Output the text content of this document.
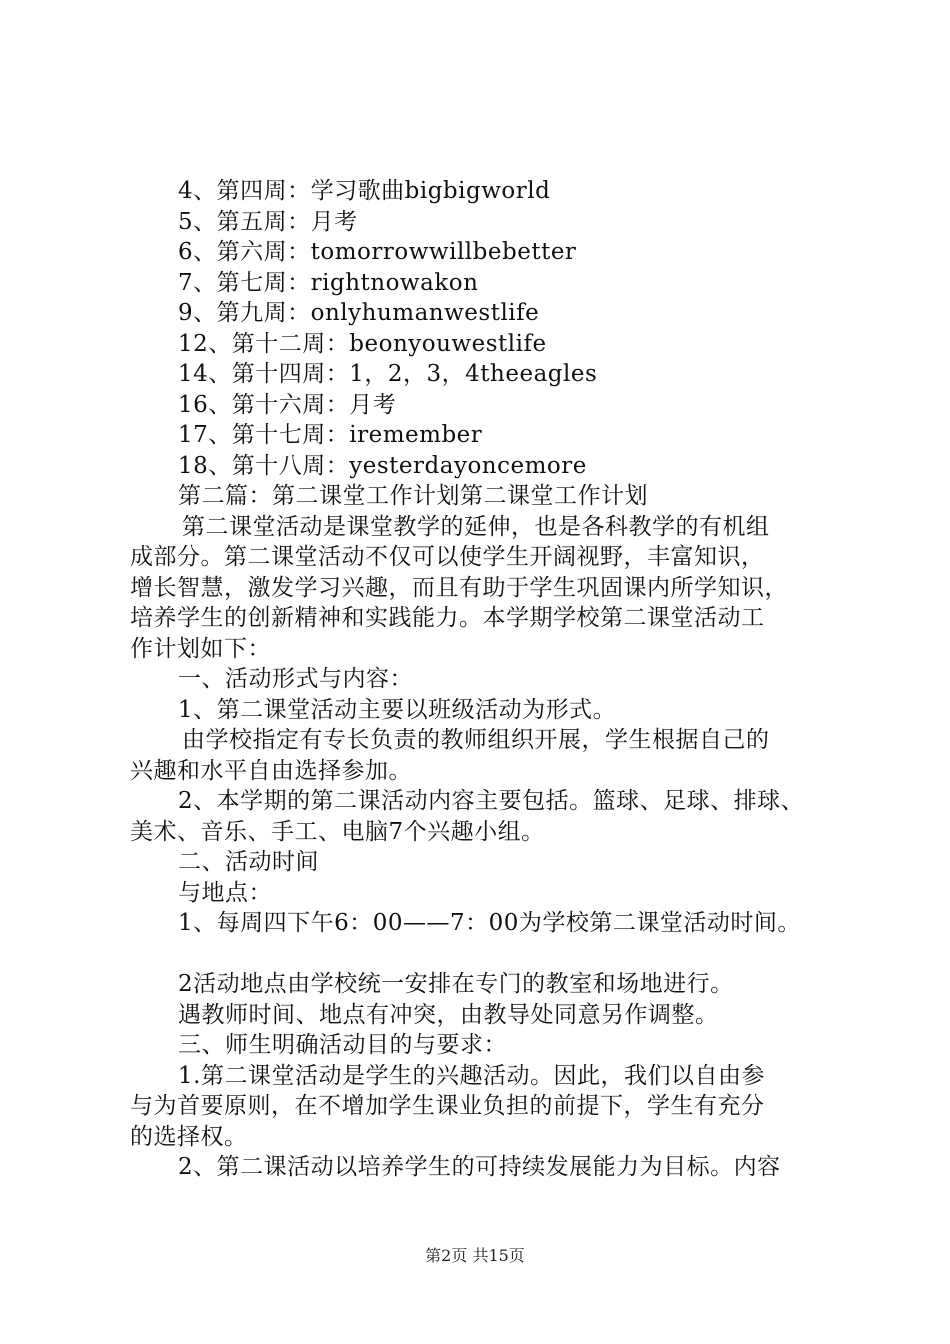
4、第四周：学习歌曲bigbigworld
5、第五周：月考
6、第六周：tomorrowwillbebetter
7、第七周：rightnowakon
9、第九周：onlyhumanwestlife
12、第十二周：beonyouwestlife
14、第十四周：1，2，3，4theeagles
16、第十六周：月考
17、第十七周：iremember
18、第十八周：yesterdayoncemore
第二篇：第二课堂工作计划第二课堂工作计划
第二课堂活动是课堂教学的延伸，也是各科教学的有机组
成部分。第二课堂活动不仅可以使学生开阔视野，丰富知识，
增长智慧，激发学习兴趣，而且有助于学生巩固课内所学知识，
培养学生的创新精神和实践能力。本学期学校第二课堂活动工
作计划如下：
一、活动形式与内容：
1、第二课堂活动主要以班级活动为形式。
由学校指定有专长负责的教师组织开展，学生根据自己的
兴趣和水平自由选择参加。
2、本学期的第二课活动内容主要包括。篮球、足球、排球、
美术、音乐、手工、电脑7个兴趣小组。
二、活动时间
与地点：
1、每周四下午6：00——7：00为学校第二课堂活动时间。
2活动地点由学校统一安排在专门的教室和场地进行。
遇教师时间、地点有冲突，由教导处同意另作调整。
三、师生明确活动目的与要求：
1.第二课堂活动是学生的兴趣活动。因此，我们以自由参
与为首要原则，在不增加学生课业负担的前提下，学生有充分
的选择权。
2、第二课活动以培养学生的可持续发展能力为目标。内容
第2页 共15页
